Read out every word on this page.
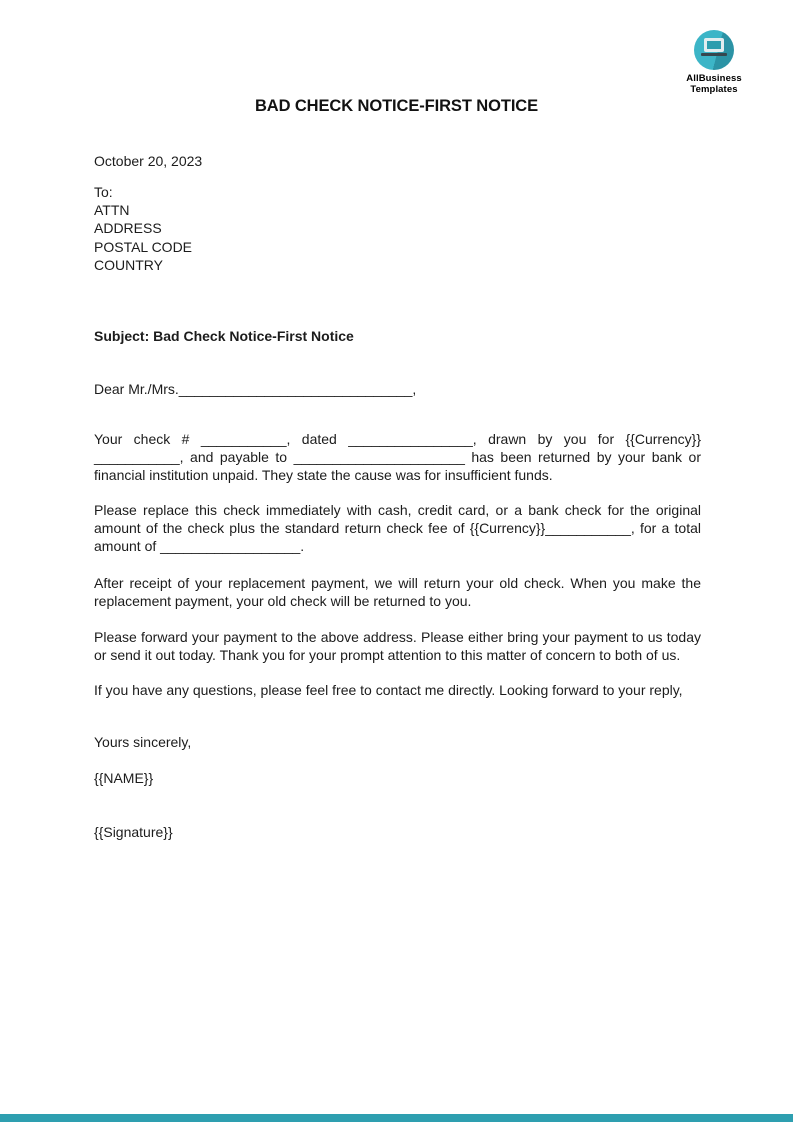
AllBusiness
Templates
BAD CHECK NOTICE-FIRST NOTICE
October 20, 2023
To:
ATTN
ADDRESS
POSTAL CODE
COUNTRY
Subject: Bad Check Notice-First Notice
Dear Mr./Mrs.______________________________,

Your check # ___________, dated ________________, drawn by you for {{Currency}} ___________, and payable to ______________________ has been returned by your bank or financial institution unpaid. They state the cause was for insufficient funds.

Please replace this check immediately with cash, credit card, or a bank check for the original amount of the check plus the standard return check fee of {{Currency}}___________, for a total amount of __________________.

After receipt of your replacement payment, we will return your old check. When you make the replacement payment, your old check will be returned to you.

Please forward your payment to the above address. Please either bring your payment to us today or send it out today. Thank you for your prompt attention to this matter of concern to both of us.

If you have any questions, please feel free to contact me directly. Looking forward to your reply,

Yours sincerely,
{{NAME}}
{{Signature}}
